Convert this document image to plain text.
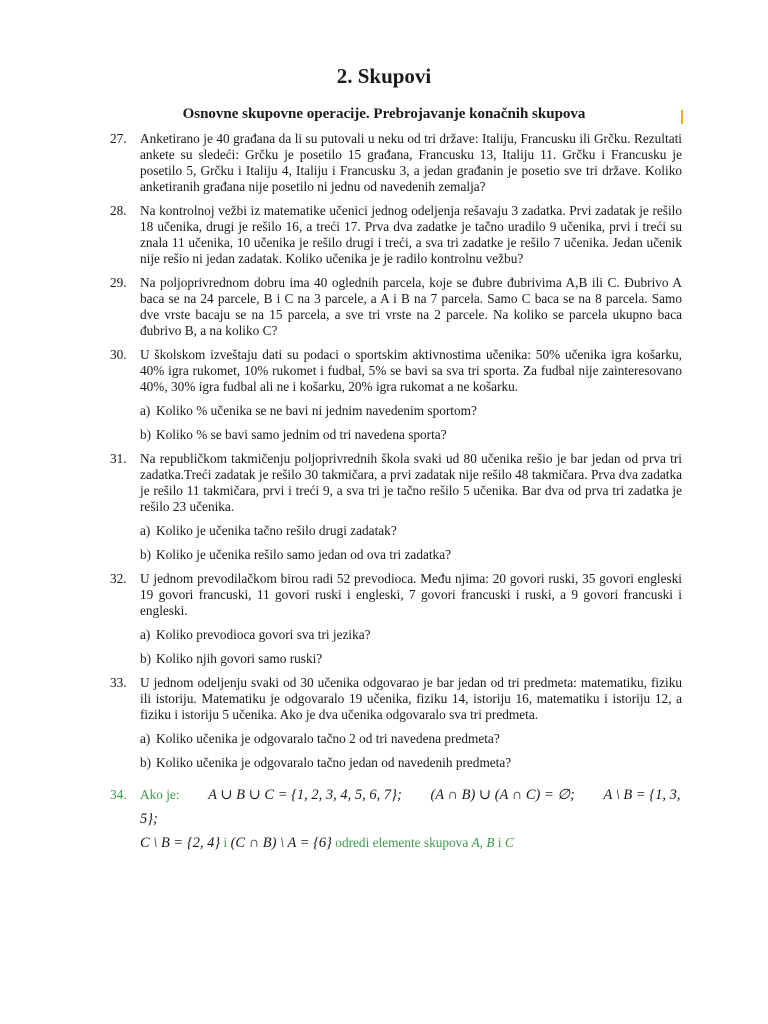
2. Skupovi
Osnovne skupovne operacije. Prebrojavanje konačnih skupova
27. Anketirano je 40 građana da li su putovali u neku od tri države: Italiju, Francusku ili Grčku. Rezultati ankete su sledeći: Grčku je posetilo 15 građana, Francusku 13, Italiju 11. Grčku i Francusku je posetilo 5, Grčku i Italiju 4, Italiju i Francusku 3, a jedan građanin je posetio sve tri države. Koliko anketiranih građana nije posetilo ni jednu od navedenih zemalja?

28. Na kontrolnoj vežbi iz matematike učenici jednog odeljenja rešavaju 3 zadatka. Prvi zadatak je rešilo 18 učenika, drugi je rešilo 16, a treći 17. Prva dva zadatke je tačno uradilo 9 učenika, prvi i treći su znala 11 učenika, 10 učenika je rešilo drugi i treći, a sva tri zadatke je rešilo 7 učenika. Jedan učenik nije rešio ni jedan zadatak. Koliko učenika je je radilo kontrolnu vežbu?

29. Na poljoprivrednom dobru ima 40 oglednih parcela, koje se đubre đubrivima A,B ili C. Đubrivo A baca se na 24 parcele, B i C na 3 parcele, a A i B na 7 parcela. Samo C baca se na 8 parcela. Samo dve vrste bacaju se na 15 parcela, a sve tri vrste na 2 parcele. Na koliko se parcela ukupno baca đubrivo B, a na koliko C?

30. U školskom izveštaju dati su podaci o sportskim aktivnostima učenika: 50% učenika igra košarku, 40% igra rukomet, 10% rukomet i fudbal, 5% se bavi sa sva tri sporta. Za fudbal nije zainteresovano 40%, 30% igra fudbal ali ne i košarku, 20% igra rukomat a ne košarku.

a) Koliko % učenika se ne bavi ni jednim navedenim sportom?
b) Koliko % se bavi samo jednim od tri navedena sporta?
31. Na republičkom takmičenju poljoprivrednih škola svaki ud 80 učenika rešio je bar jedan od prva tri zadatka.Treći zadatak je rešilo 30 takmičara, a prvi zadatak nije rešilo 48 takmičara. Prva dva zadatka je rešilo 11 takmičara, prvi i treći 9, a sva tri je tačno rešilo 5 učenika. Bar dva od prva tri zadatka je rešilo 23 učenika.

a) Koliko je učenika tačno rešilo drugi zadatak?
b) Koliko je učenika rešilo samo jedan od ova tri zadatka?
32. U jednom prevodilačkom birou radi 52 prevodioca. Među njima: 20 govori ruski, 35 govori engleski 19 govori francuski, 11 govori ruski i engleski, 7 govori francuski i ruski, a 9 govori francuski i engleski.

a) Koliko prevodioca govori sva tri jezika?
b) Koliko njih govori samo ruski?
33. U jednom odeljenju svaki od 30 učenika odgovarao je bar jedan od tri predmeta: matematiku, fiziku ili istoriju. Matematiku je odgovaralo 19 učenika, fiziku 14, istoriju 16, matematiku i istoriju 12, a fiziku i istoriju 5 učenika. Ako je dva učenika odgovaralo sva tri predmeta.

a) Koliko učenika je odgovaralo tačno 2 od tri navedena predmeta?
b) Koliko učenika je odgovaralo tačno jedan od navedenih predmeta?
34. Ako je: A ∪ B ∪ C = {1, 2, 3, 4, 5, 6, 7}; (A ∩ B) ∪ (A ∩ C) = ∅; A \ B = {1, 3, 5};
C \ B = {2, 4} i (C ∩ B) \ A = {6} odredi elemente skupova A, B i C
